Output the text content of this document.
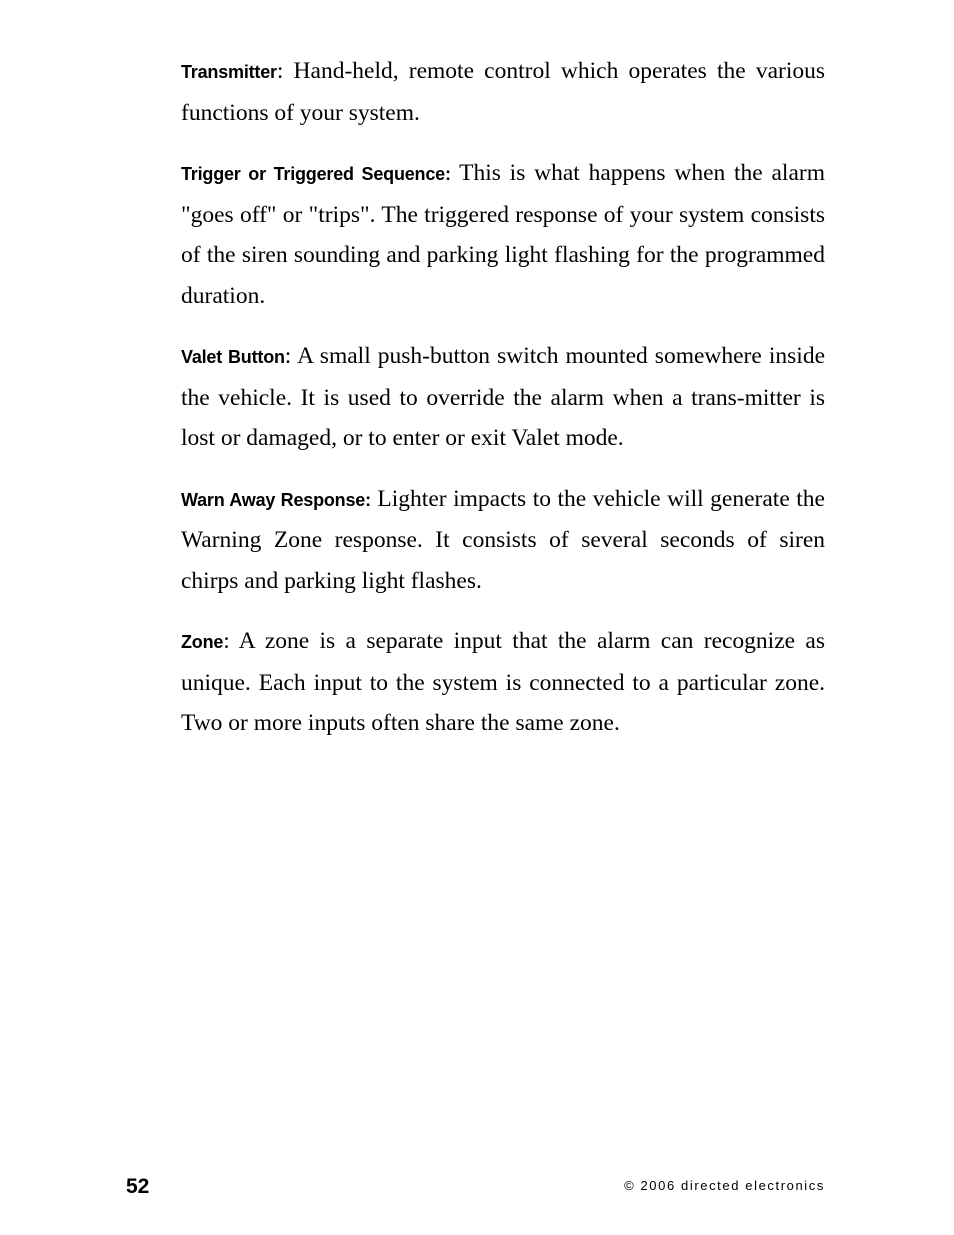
Transmitter: Hand-held, remote control which operates the various functions of your system.

Trigger or Triggered Sequence: This is what happens when the alarm "goes off" or "trips". The triggered response of your system consists of the siren sounding and parking light flashing for the programmed duration.

Valet Button: A small push-button switch mounted somewhere inside the vehicle. It is used to override the alarm when a trans-mitter is lost or damaged, or to enter or exit Valet mode.

Warn Away Response: Lighter impacts to the vehicle will generate the Warning Zone response. It consists of several seconds of siren chirps and parking light flashes.

Zone: A zone is a separate input that the alarm can recognize as unique. Each input to the system is connected to a particular zone. Two or more inputs often share the same zone.

52	© 2006 directed electronics
